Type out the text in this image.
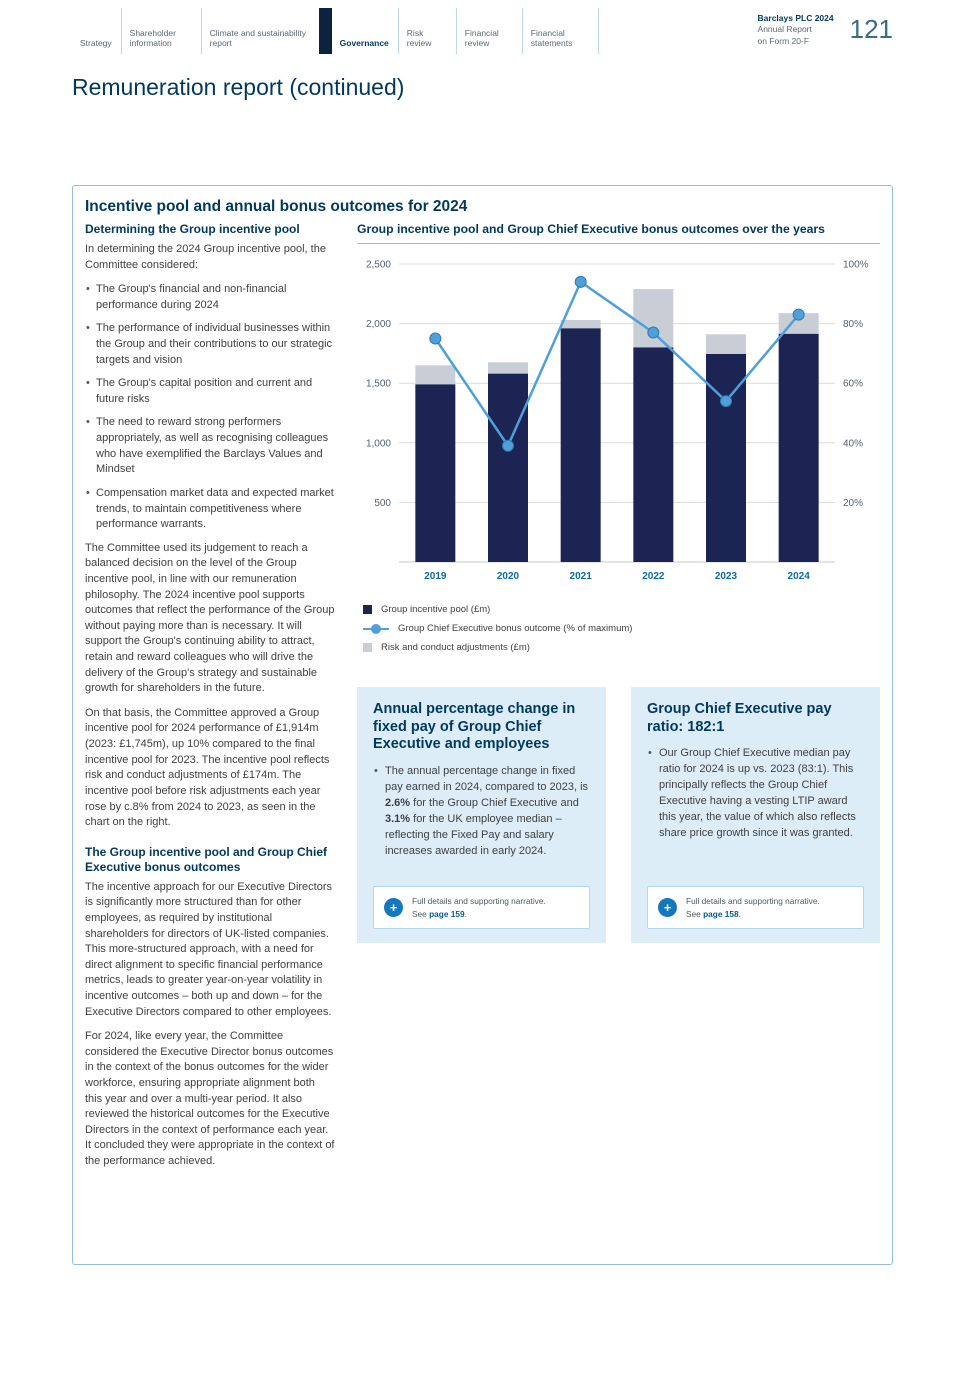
Strategy
Shareholder information
Climate and sustainability report	Governance
Risk review
Financial review
Financial statements
Barclays PLC 2024
Annual Report
on Form 20-F	121
Remuneration report (continued)
Incentive pool and annual bonus outcomes for 2024
Determining the Group incentive pool

In determining the 2024 Group incentive pool, the Committee considered:

• The Group's financial and non-financial performance during 2024
• The performance of individual businesses within the Group and their contributions to our strategic targets and vision
• The Group's capital position and current and future risks
• The need to reward strong performers appropriately, as well as recognising colleagues who have exemplified the Barclays Values and Mindset
• Compensation market data and expected market trends, to maintain competitiveness where performance warrants.

The Committee used its judgement to reach a balanced decision on the level of the Group incentive pool, in line with our remuneration philosophy. The 2024 incentive pool supports outcomes that reflect the performance of the Group without paying more than is necessary. It will support the Group's continuing ability to attract, retain and reward colleagues who will drive the delivery of the Group's strategy and sustainable growth for shareholders in the future.

On that basis, the Committee approved a Group incentive pool for 2024 performance of £1,914m (2023: £1,745m), up 10% compared to the final incentive pool for 2023. The incentive pool reflects risk and conduct adjustments of £174m. The incentive pool before risk adjustments each year rose by c.8% from 2024 to 2023, as seen in the chart on the right.

The Group incentive pool and Group Chief Executive bonus outcomes

The incentive approach for our Executive Directors is significantly more structured than for other employees, as required by institutional shareholders for directors of UK-listed companies. This more-structured approach, with a need for direct alignment to specific financial performance metrics, leads to greater year-on-year volatility in incentive outcomes – both up and down – for the Executive Directors compared to other employees.

For 2024, like every year, the Committee considered the Executive Director bonus outcomes in the context of the bonus outcomes for the wider workforce, ensuring appropriate alignment both this year and over a multi-year period. It also reviewed the historical outcomes for the Executive Directors in the context of performance each year. It concluded they were appropriate in the context of the performance achieved.

Group incentive pool and Group Chief Executive bonus outcomes over the years
2,500	100%
2,000	80%
1,500	60%
1,000	40%
500	20%
2019	2020	2021	2022	2023	2024
Group incentive pool (£m)
Group Chief Executive bonus outcome (% of maximum)
Risk and conduct adjustments (£m)
Annual percentage change in fixed pay of Group Chief Executive and employees
• The annual percentage change in fixed pay earned in 2024, compared to 2023, is 2.6% for the Group Chief Executive and 3.1% for the UK employee median – reflecting the Fixed Pay and salary increases awarded in early 2024.
+	Full details and supporting narrative.
See page 159.
Group Chief Executive pay ratio: 182:1
• Our Group Chief Executive median pay ratio for 2024 is up vs. 2023 (83:1). This principally reflects the Group Chief Executive having a vesting LTIP award this year, the value of which also reflects share price growth since it was granted.
+	Full details and supporting narrative.
See page 158.
